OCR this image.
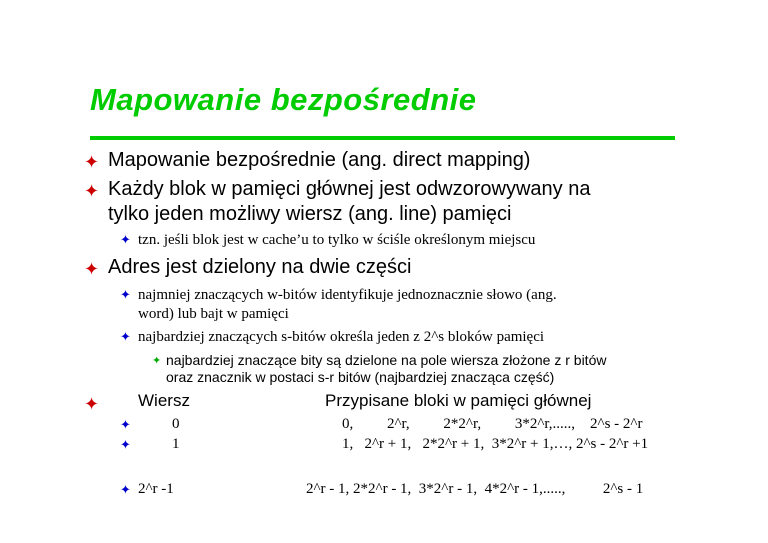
Mapowanie bezpośrednie
✦ Mapowanie bezpośrednie (ang. direct mapping)
✦ Każdy blok w pamięci głównej jest odwzorowywany na
tylko jeden możliwy wiersz (ang. line) pamięci
✦ tzn. jeśli blok jest w cache’u to tylko w ściśle określonym miejscu
✦ Adres jest dzielony na dwie części
✦ najmniej znaczących w-bitów identyfikuje jednoznacznie słowo (ang.
word) lub bajt w pamięci
✦ najbardziej znaczących s-bitów określa jeden z 2^s bloków pamięci
✦ najbardziej znaczące bity są dzielone na pole wiersza złożone z r bitów
oraz znacznik w postaci s-r bitów (najbardziej znacząca część)
✦ Wiersz	Przypisane bloki w pamięci głównej
✦	0	0,         2^r,         2*2^r,         3*2^r,.....,    2^s - 2^r
✦	1	1,   2^r + 1,   2*2^r + 1,  3*2^r + 1,…, 2^s - 2^r +1
✦ 2^r -1	2^r - 1, 2*2^r - 1,  3*2^r - 1,  4*2^r - 1,.....,          2^s - 1
